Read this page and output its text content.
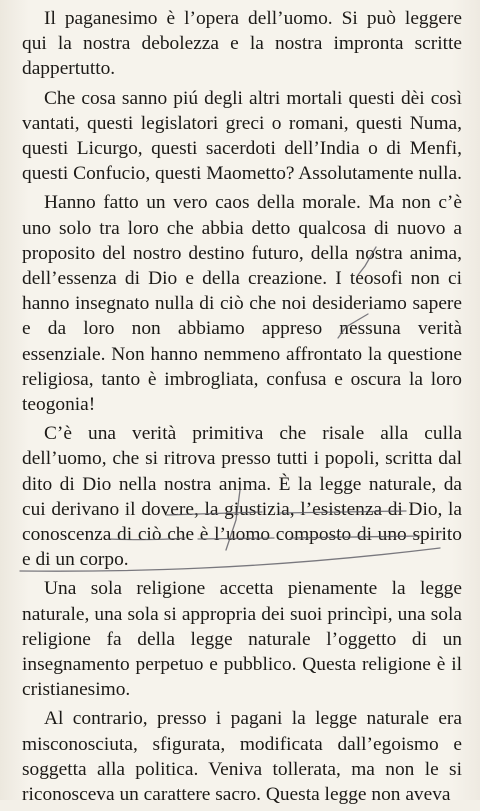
Il paganesimo è l’opera dell’uomo. Si può leggere qui la nostra debolezza e la nostra impronta scritte dappertutto.

Che cosa sanno piú degli altri mortali questi dèi così vantati, questi legislatori greci o romani, questi Numa, questi Licurgo, questi sacerdoti dell’India o di Menfi, questi Confucio, questi Maometto? Assolutamente nulla.

Hanno fatto un vero caos della morale. Ma non c’è uno solo tra loro che abbia detto qualcosa di nuovo a proposito del nostro destino futuro, della nostra anima, dell’essenza di Dio e della creazione. I teosofi non ci hanno insegnato nulla di ciò che noi desideriamo sapere e da loro non abbiamo appreso nessuna verità essenziale. Non hanno nemmeno affrontato la questione religiosa, tanto è imbrogliata, confusa e oscura la loro teogonia!

C’è una verità primitiva che risale alla culla dell’uomo, che si ritrova presso tutti i popoli, scritta dal dito di Dio nella nostra anima. È la legge naturale, da cui derivano il dovere, la giustizia, l’esistenza di Dio, la conoscenza di ciò che è l’uomo composto di uno spirito e di un corpo.

Una sola religione accetta pienamente la legge naturale, una sola si appropria dei suoi princìpi, una sola religione fa della legge naturale l’oggetto di un insegnamento perpetuo e pubblico. Questa religione è il cristianesimo.

Al contrario, presso i pagani la legge naturale era misconosciuta, sfigurata, modificata dall’egoismo e soggetta alla politica. Veniva tollerata, ma non le si riconosceva un carattere sacro. Questa legge non aveva
